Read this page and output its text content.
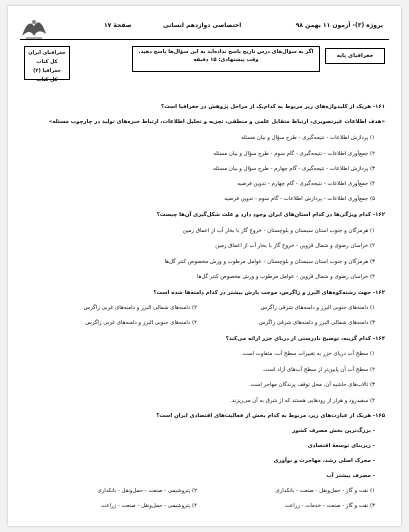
پروژه (۳)- آزمون ۱۱ بهمن ۹۸
اختصاصی دوازدهم انسانی
صفحهٔ ۱۷
جغرافیای پایه
اگر به سؤال‌های درس تاریخ پاسخ نداده‌اید به این سؤال‌ها پاسخ دهید.
وقت پیشنهادی: ۱۵ دقیقه
جغرافیای ایران
کل کتاب
جغرافیا (۲)
کل کتاب
۱۶۱- هریک از کلیدواژه‌های زیر مربوط به کدام‌یک از مراحل پژوهش در جغرافیا است؟
«هدف اطلاعات غیرتصویری، ارتباط متقابل علمی و منطقی، تجزیه و تحلیل اطلاعات، ارتباط خبره‌های تولید در چارچوب مسئله»
۱) پردازش اطلاعات - نتیجه‌گیری - طرح سؤال و بیان مسئله
۲) جمع‌آوری اطلاعات - نتیجه‌گیری - گام سوم - طرح سؤال و بیان مسئله
۳) پردازش اطلاعات - نتیجه‌گیری - گام چهارم - طرح سؤال و بیان مسئله
۴) جمع‌آوری اطلاعات - نتیجه‌گیری - گام چهارم - تدوین فرضیه
۵) جمع‌آوری اطلاعات - پردازش اطلاعات - گام سوم - تدوین فرضیه
۱۶۲- کدام ویژگی‌ها در کدام استان‌های ایران وجود دارد و علت شکل‌گیری آن‌ها چیست؟
۱) هرمزگان و جنوب استان سیستان و بلوچستان - خروج گاز با بخار آب از اعماق زمین
۲) خراسان رضوی و شمال قزوین - خروج گاز با بخار آب از اعماق زمین
۳) هرمزگان و جنوب استان سیستان و بلوچستان - عوامل مرطوب و وزش مخصوص کنتر گل‌ها
۴) خراسان رضوی و شمال قزوین - عوامل مرطوب و وزش مخصوص کنتر گل‌ها
۱۶۳- جهت رشته‌کوه‌های البرز و زاگرس، موجب بارش بیشتر در کدام دامنه‌ها شده است؟
۱) دامنه‌های جنوبی البرز و دامنه‌های شرقی زاگرس
۲) دامنه‌های شمالی البرز و دامنه‌های غربی زاگرس
۳) دامنه‌های شمالی البرز و دامنه‌های شرقی زاگرس
۴) دامنه‌های جنوبی البرز و دامنه‌های غربی زاگرس
۱۶۴- کدام گزینه، توضیح نادرستی از دریای خزر ارائه می‌کند؟
۱) سطح آب دریای خزر به تغییرات سطح آب، متفاوت است.
۲) سطح آب آن پایین‌تر از سطح آب‌های آزاد است.
۳) تالاب‌های حاشیه آن، محل توقف پرندگان مهاجر است.
۴) سفیدرود و هراز از رودهایی هستند که از شرق به آن می‌ریزند.
۱۶۵- هریک از عبارت‌های زیر، مربوط به کدام بخش از فعالیت‌های اقتصادی ایران است؟
- بزرگ‌ترین بخش مصرف کشور
- زیربنای توسعهٔ اقتصادی
- محرک اصلی رشد، مهاجرت و نوآوری
- مصرف بیشتر آب
۱) نفت و گاز - حمل‌ونقل - صنعت - بانکداری
۲) پتروشیمی - صنعت - حمل‌ونقل - بانکداری
۳) نفت و گاز - صنعت - خدمات - زراعت
۴) پتروشیمی - حمل‌ونقل - صنعت - زراعت
